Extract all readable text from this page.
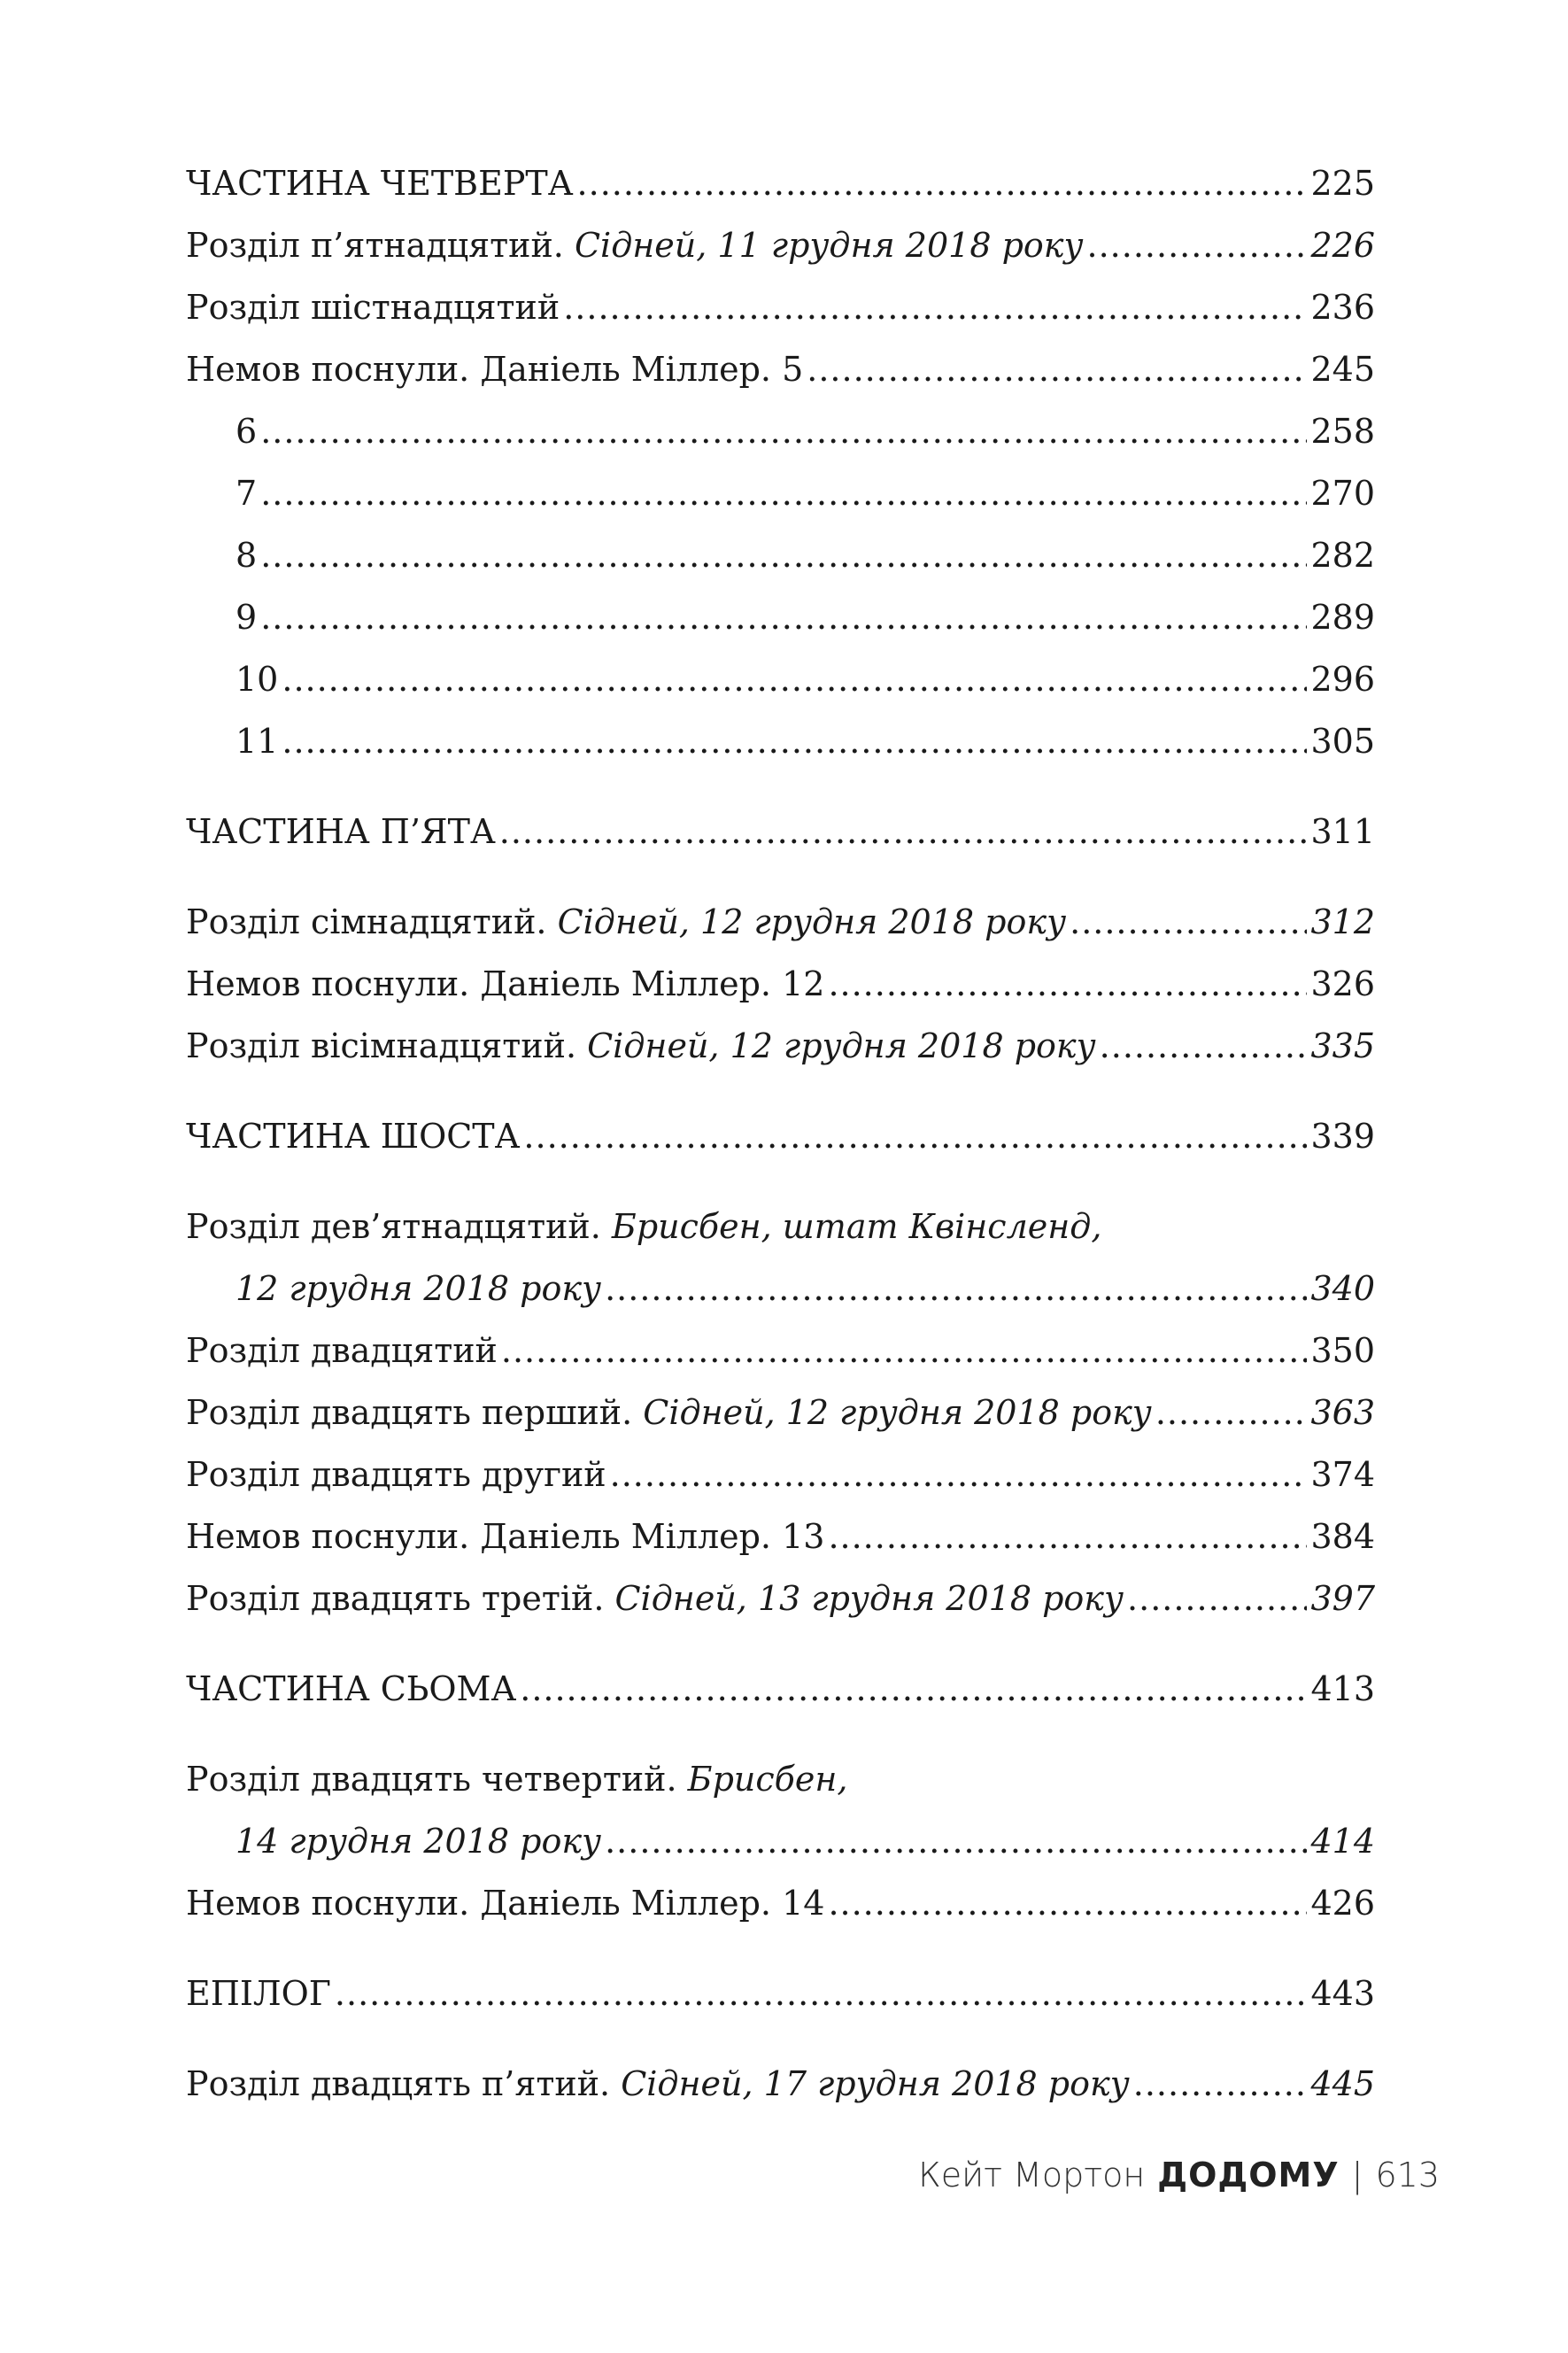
ЧАСТИНА ЧЕТВЕРТА .....	225
Розділ п’ятнадцятий. Сідней, 11 грудня 2018 року .....	226
Розділ шістнадцятий .....	236
Немов поснули. Даніель Міллер. 5 .....	245
6 .....	258
7 .....	270
8 .....	282
9 .....	289
10 .....	296
11 .....	305
ЧАСТИНА П’ЯТА .....	311
Розділ сімнадцятий. Сідней, 12 грудня 2018 року .....	312
Немов поснули. Даніель Міллер. 12 .....	326
Розділ вісімнадцятий. Сідней, 12 грудня 2018 року .....	335
ЧАСТИНА ШОСТА .....	339
Розділ дев’ятнадцятий. Брисбен, штат Квінсленд,
12 грудня 2018 року .....	340
Розділ двадцятий .....	350
Розділ двадцять перший. Сідней, 12 грудня 2018 року .....	363
Розділ двадцять другий .....	374
Немов поснули. Даніель Міллер. 13 .....	384
Розділ двадцять третій. Сідней, 13 грудня 2018 року .....	397
ЧАСТИНА СЬОМА .....	413
Розділ двадцять четвертий. Брисбен,
14 грудня 2018 року .....	414
Немов поснули. Даніель Міллер. 14 .....	426
ЕПІЛОГ .....	443
Розділ двадцять п’ятий. Сідней, 17 грудня 2018 року .....	445
Кейт Мортон ДОДОМУ | 613
